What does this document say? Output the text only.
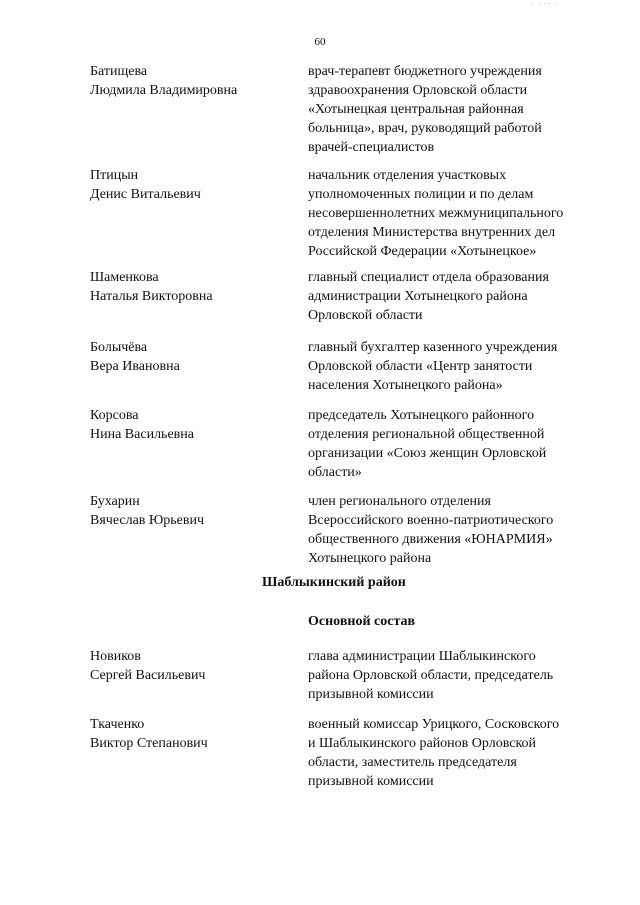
· ··· ·
60
Батищева
Людмила Владимировна
врач-терапевт бюджетного учреждения
здравоохранения Орловской области
«Хотынецкая центральная районная
больница», врач, руководящий работой
врачей-специалистов
Птицын
Денис Витальевич
начальник отделения участковых
уполномоченных полиции и по делам
несовершеннолетних межмуниципального
отделения Министерства внутренних дел
Российской Федерации «Хотынецкое»
Шаменкова
Наталья Викторовна
главный специалист отдела образования
администрации Хотынецкого района
Орловской области
Болычёва
Вера Ивановна
главный бухгалтер казенного учреждения
Орловской области «Центр занятости
населения Хотынецкого района»
Корсова
Нина Васильевна
председатель Хотынецкого районного
отделения региональной общественной
организации «Союз женщин Орловской
области»
Бухарин
Вячеслав Юрьевич
член регионального отделения
Всероссийского военно-патриотического
общественного движения «ЮНАРМИЯ»
Хотынецкого района
Шаблыкинский район
Основной состав
Новиков
Сергей Васильевич
глава администрации Шаблыкинского
района Орловской области, председатель
призывной комиссии
Ткаченко
Виктор Степанович
военный комиссар Урицкого, Сосковского
и Шаблыкинского районов Орловской
области, заместитель председателя
призывной комиссии
